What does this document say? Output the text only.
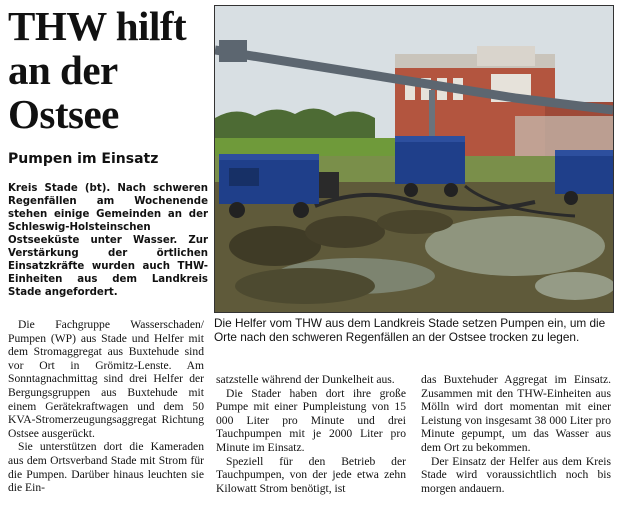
THW hilft an der Ostsee
Pumpen im Einsatz

Kreis Stade (bt). Nach schweren Regenfällen am Wochenende stehen einige Gemeinden an der Schleswig-Holsteinschen Ostseeküste unter Wasser. Zur Verstärkung der örtlichen Einsatzkräfte wurden auch THW-Einheiten aus dem Landkreis Stade angefordert.

Die Fachgruppe Wasserschaden/ Pumpen (WP) aus Stade und Helfer mit dem Stromaggregat aus Buxtehude sind vor Ort in Grömitz-Lenste. Am Sonntagnachmittag sind drei Helfer der Bergungsgruppen aus Buxtehude mit einem Gerätekraftwagen und dem 50 KVA-Stromerzeugungsaggregat Richtung Ostsee ausgerückt.

Sie unterstützen dort die Kameraden aus dem Ortsverband Stade mit Strom für die Pumpen. Darüber hinaus leuchten sie die Ein-

Die Helfer vom THW aus dem Landkreis Stade setzen Pumpen ein, um die Orte nach den schweren Regenfällen an der Ostsee trocken zu legen.

satzstelle während der Dunkelheit aus.

Die Stader haben dort ihre große Pumpe mit einer Pumpleistung von 15 000 Liter pro Minute und drei Tauchpumpen mit je 2000 Liter pro Minute im Einsatz.

Speziell für den Betrieb der Tauchpumpen, von der jede etwa zehn Kilowatt Strom benötigt, ist

das Buxtehuder Aggregat im Einsatz. Zusammen mit den THW-Einheiten aus Mölln wird dort momentan mit einer Leistung von insgesamt 38 000 Liter pro Minute gepumpt, um das Wasser aus dem Ort zu bekommen.

Der Einsatz der Helfer aus dem Kreis Stade wird voraussichtlich noch bis morgen andauern.
